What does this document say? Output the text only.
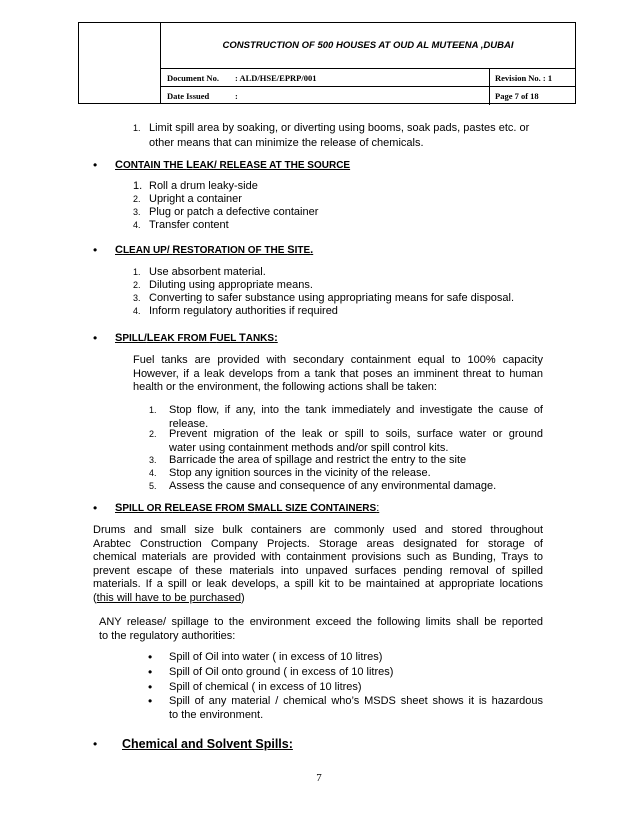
CONSTRUCTION OF 500 HOUSES AT OUD AL MUTEENA ,DUBAI
Document No. : ALD/HSE/EPRP/001	Revision No. : 1
Date Issued	:	Page 7 of 18
1. Limit spill area by soaking, or diverting using booms, soak pads, pastes etc. or
other means that can minimize the release of chemicals.
• CONTAIN THE LEAK/ RELEASE AT THE SOURCE
1. Roll a drum leaky-side
2. Upright a container
3. Plug or patch a defective container
4. Transfer content
• CLEAN UP/ RESTORATION OF THE SITE.
1. Use absorbent material.
2. Diluting using appropriate means.
3. Converting to safer substance using appropriating means for safe disposal.
4. Inform regulatory authorities if required
• SPILL/LEAK FROM FUEL TANKS:
Fuel tanks are provided with secondary containment equal to 100% capacity
However, if a leak develops from a tank that poses an imminent threat to human
health or the environment, the following actions shall be taken:
1. Stop flow, if any, into the tank immediately and investigate the cause of
release.
2. Prevent migration of the leak or spill to soils, surface water or ground
water using containment methods and/or spill control kits.
3. Barricade the area of spillage and restrict the entry to the site
4. Stop any ignition sources in the vicinity of the release.
5. Assess the cause and consequence of any environmental damage.
• SPILL OR RELEASE FROM SMALL SIZE CONTAINERS:
Drums and small size bulk containers are commonly used and stored throughout
Arabtec Construction Company Projects. Storage areas designated for storage of
chemical materials are provided with containment provisions such as Bunding, Trays to
prevent escape of these materials into unpaved surfaces pending removal of spilled
materials. If a spill or leak develops, a spill kit to be maintained at appropriate locations
(this will have to be purchased)
ANY release/ spillage to the environment exceed the following limits shall be reported
to the regulatory authorities:
• Spill of Oil into water ( in excess of 10 litres)
• Spill of Oil onto ground ( in excess of 10 litres)
• Spill of chemical ( in excess of 10 litres)
• Spill of any material / chemical who’s MSDS sheet shows it is hazardous
to the environment.
• Chemical and Solvent Spills:
7
